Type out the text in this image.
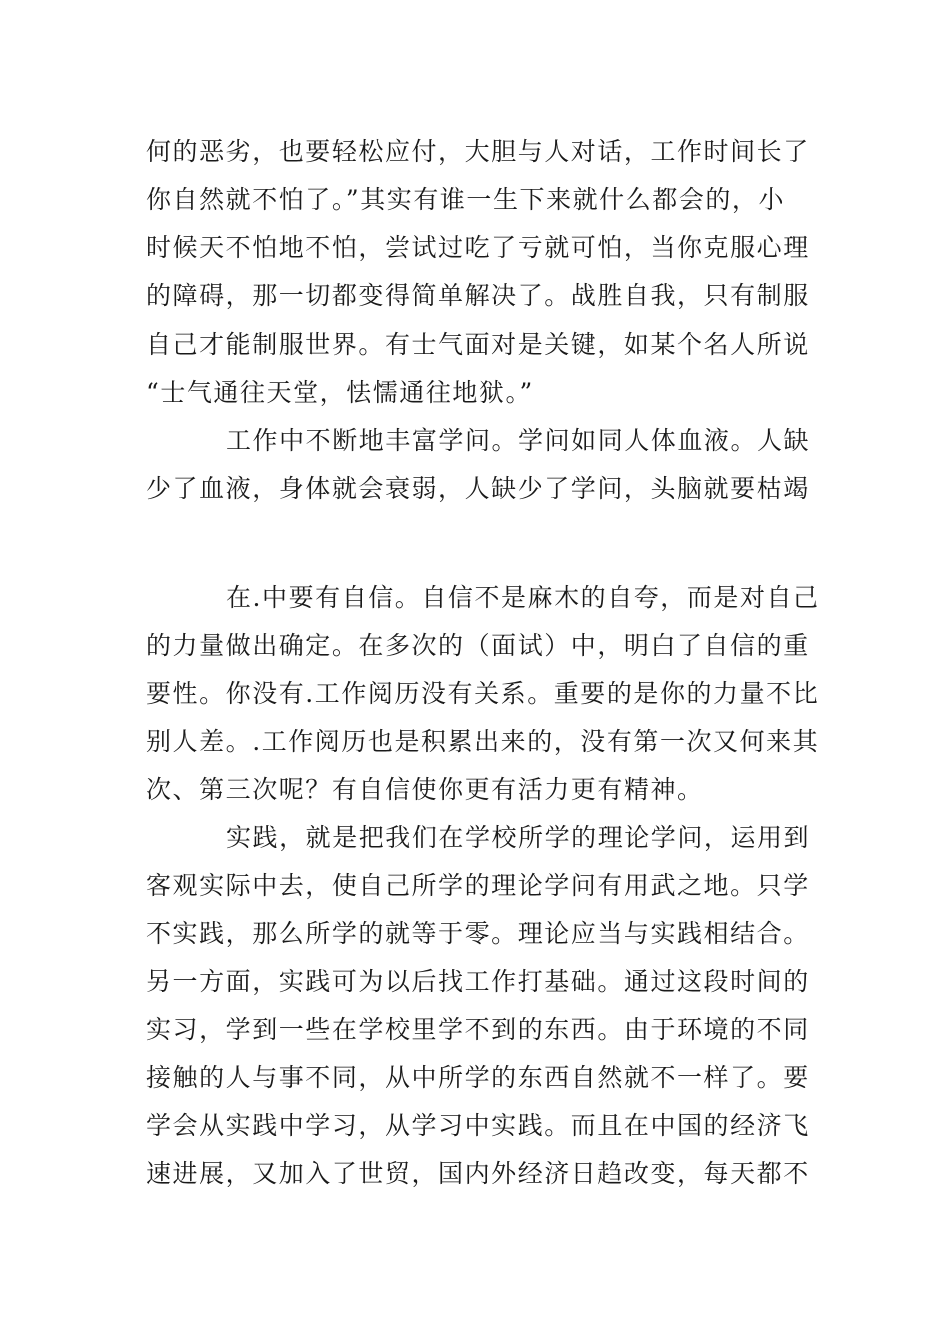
何的恶劣，也要轻松应付，大胆与人对话，工作时间长了
你自然就不怕了。”其实有谁一生下来就什么都会的，小
时候天不怕地不怕，尝试过吃了亏就可怕，当你克服心理
的障碍，那一切都变得简单解决了。战胜自我，只有制服
自己才能制服世界。有士气面对是关键，如某个名人所说
“士气通往天堂，怯懦通往地狱。”
工作中不断地丰富学问。学问如同人体血液。人缺
少了血液，身体就会衰弱，人缺少了学问，头脑就要枯竭
在.中要有自信。自信不是麻木的自夸，而是对自己
的力量做出确定。在多次的（面试）中，明白了自信的重
要性。你没有.工作阅历没有关系。重要的是你的力量不比
别人差。.工作阅历也是积累出来的，没有第一次又何来其
次、第三次呢？有自信使你更有活力更有精神。
实践，就是把我们在学校所学的理论学问，运用到
客观实际中去，使自己所学的理论学问有用武之地。只学
不实践，那么所学的就等于零。理论应当与实践相结合。
另一方面，实践可为以后找工作打基础。通过这段时间的
实习，学到一些在学校里学不到的东西。由于环境的不同
接触的人与事不同，从中所学的东西自然就不一样了。要
学会从实践中学习，从学习中实践。而且在中国的经济飞
速进展，又加入了世贸，国内外经济日趋改变，每天都不
